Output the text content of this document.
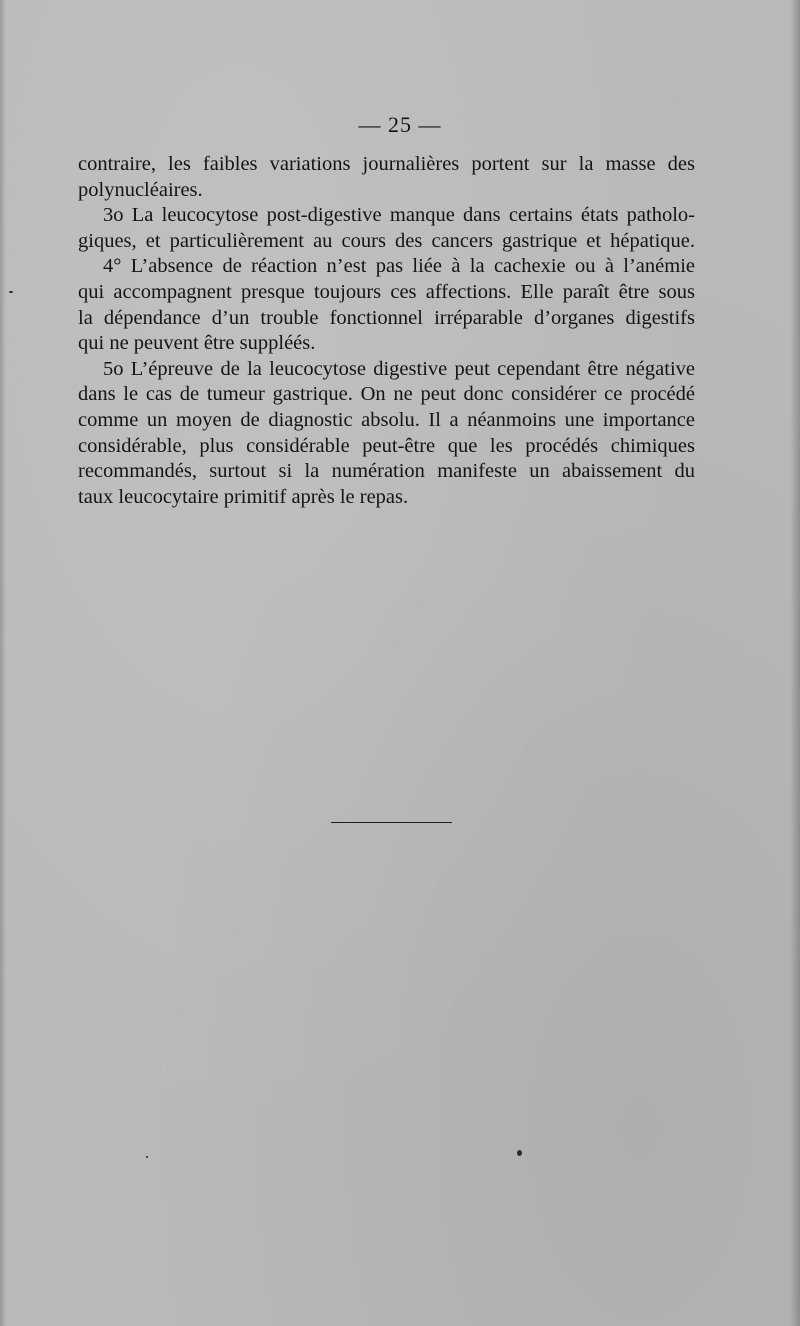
— 25 —
contraire, les faibles variations journalières portent sur la masse des
polynucléaires.
3o La leucocytose post-digestive manque dans certains états patholo-
giques, et particulièrement au cours des cancers gastrique et hépatique.
4° L’absence de réaction n’est pas liée à la cachexie ou à l’anémie
qui accompagnent presque toujours ces affections. Elle paraît être sous
la dépendance d’un trouble fonctionnel irréparable d’organes digestifs
qui ne peuvent être suppléés.
5o L’épreuve de la leucocytose digestive peut cependant être négative
dans le cas de tumeur gastrique. On ne peut donc considérer ce procédé
comme un moyen de diagnostic absolu. Il a néanmoins une importance
considérable, plus considérable peut-être que les procédés chimiques
recommandés, surtout si la numération manifeste un abaissement du
taux leucocytaire primitif après le repas.
